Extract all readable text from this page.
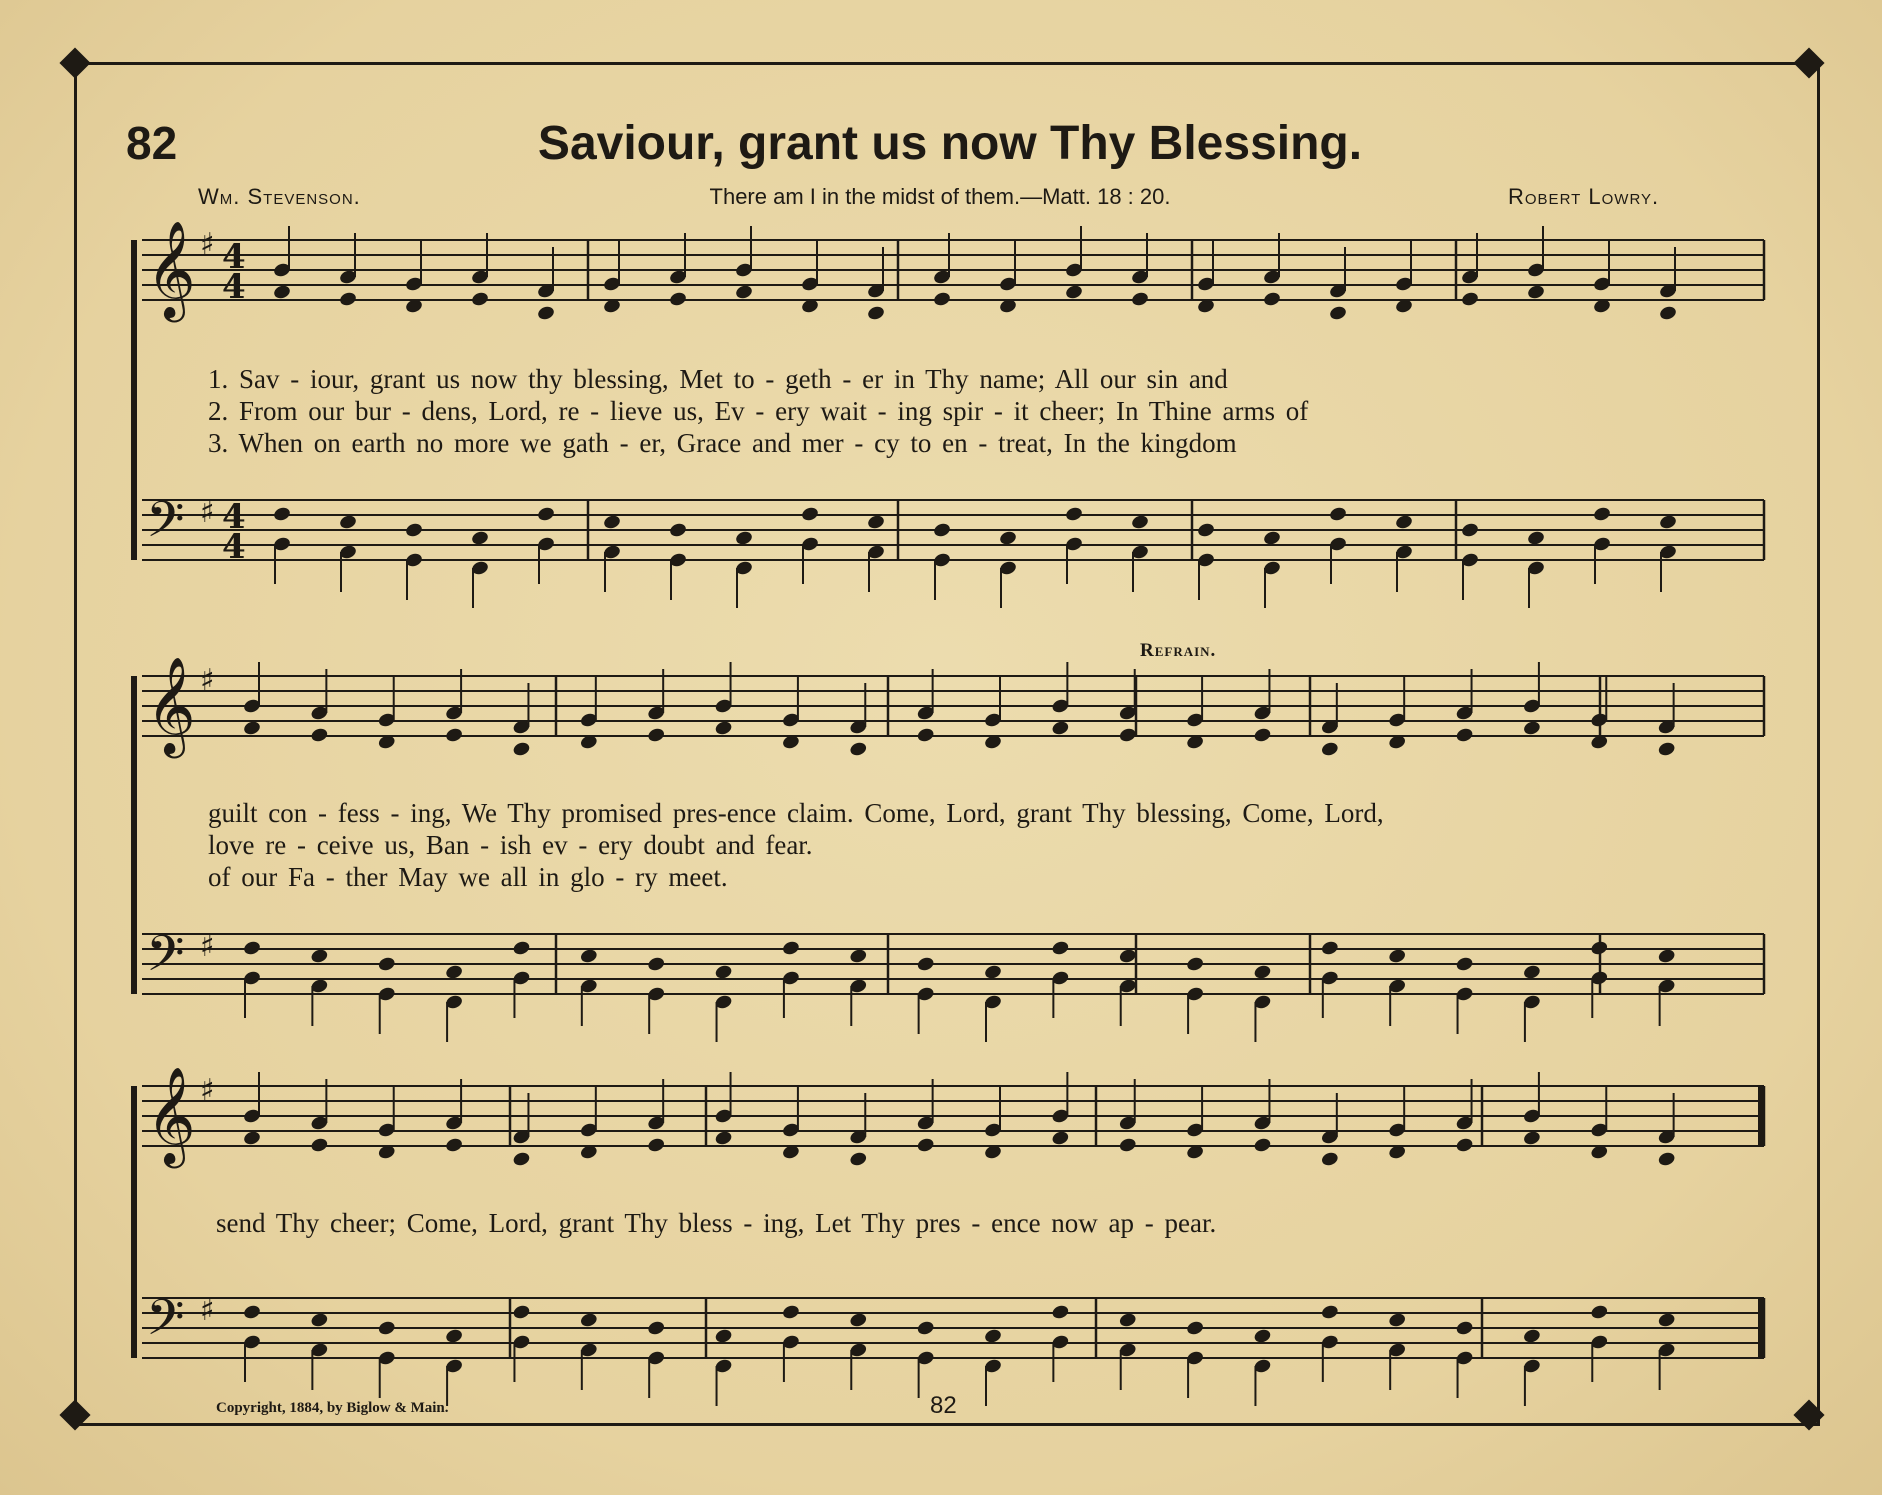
82	Saviour, grant us now Thy Blessing.
Wm. Stevenson.	There am I in the midst of them.—Matt. 18 : 20.	Robert Lowry.
𝄞 ♯ 4
4
𝄢 ♯ 4
4
𝄞 ♯
𝄢 ♯
𝄞 ♯
𝄢 ♯
1. Sav - iour, grant us now thy blessing, Met to - geth - er in Thy name; All our sin and
2. From our bur - dens, Lord, re - lieve us, Ev - ery wait - ing spir - it cheer; In Thine arms of
3. When on earth no more we gath - er, Grace and mer - cy to en - treat, In the kingdom
Refrain.
guilt con - fess - ing, We Thy promised pres-ence claim. Come, Lord, grant Thy blessing, Come, Lord,
love re - ceive us, Ban - ish ev - ery doubt and fear.
of our Fa - ther May we all in glo - ry meet.
send Thy cheer; Come, Lord, grant Thy bless - ing, Let Thy pres - ence now ap - pear.
Copyright, 1884, by Biglow & Main.	82
